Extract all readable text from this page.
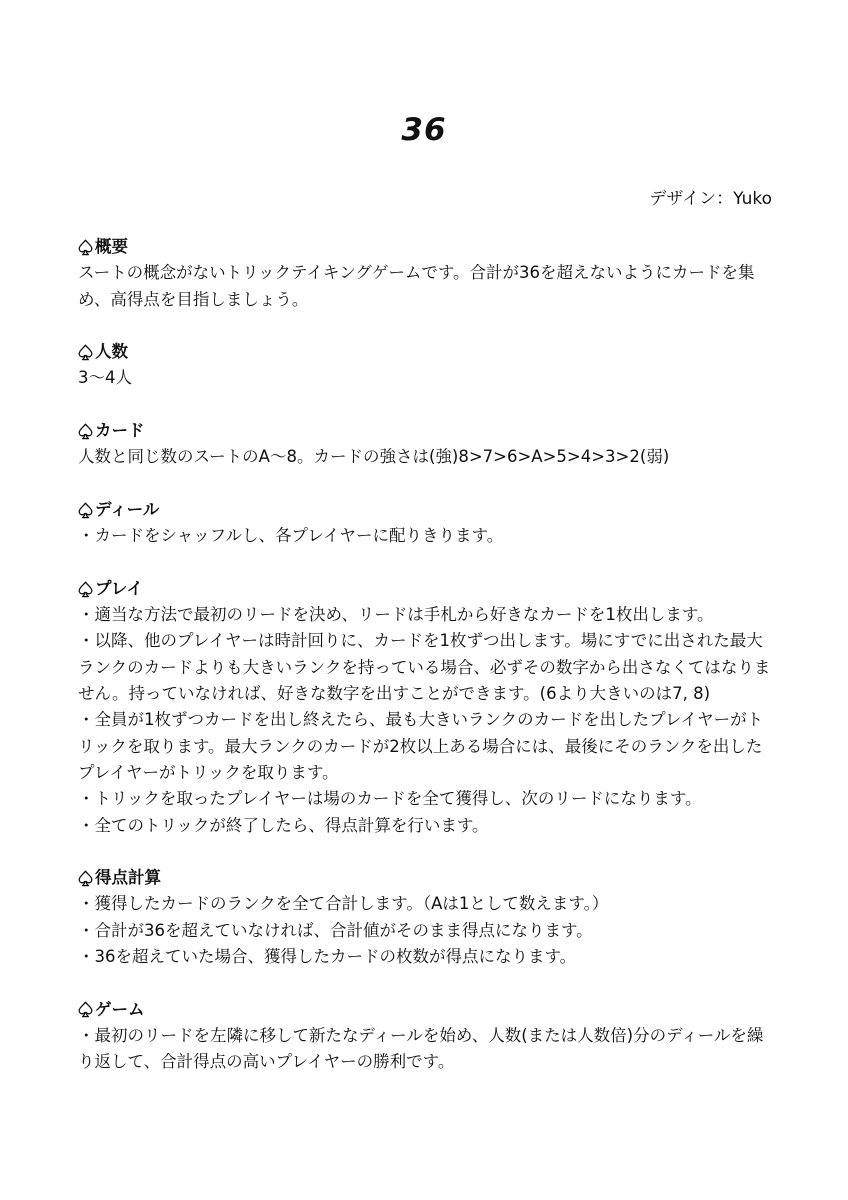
36
デザイン：Yuko
概要
スートの概念がないトリックテイキングゲームです。合計が36を超えないようにカードを集め、高得点を目指しましょう。
人数
3～4人
カード
人数と同じ数のスートのA～8。カードの強さは(強)8>7>6>A>5>4>3>2(弱)
ディール
・カードをシャッフルし、各プレイヤーに配りきります。
プレイ
・適当な方法で最初のリードを決め、リードは手札から好きなカードを1枚出します。
・以降、他のプレイヤーは時計回りに、カードを1枚ずつ出します。場にすでに出された最大ランクのカードよりも大きいランクを持っている場合、必ずその数字から出さなくてはなりません。持っていなければ、好きな数字を出すことができます。(6より大きいのは7, 8)
・全員が1枚ずつカードを出し終えたら、最も大きいランクのカードを出したプレイヤーがトリックを取ります。最大ランクのカードが2枚以上ある場合には、最後にそのランクを出したプレイヤーがトリックを取ります。
・トリックを取ったプレイヤーは場のカードを全て獲得し、次のリードになります。
・全てのトリックが終了したら、得点計算を行います。
得点計算
・獲得したカードのランクを全て合計します。（Aは1として数えます。）
・合計が36を超えていなければ、合計値がそのまま得点になります。
・36を超えていた場合、獲得したカードの枚数が得点になります。
ゲーム
・最初のリードを左隣に移して新たなディールを始め、人数(または人数倍)分のディールを繰り返して、合計得点の高いプレイヤーの勝利です。
